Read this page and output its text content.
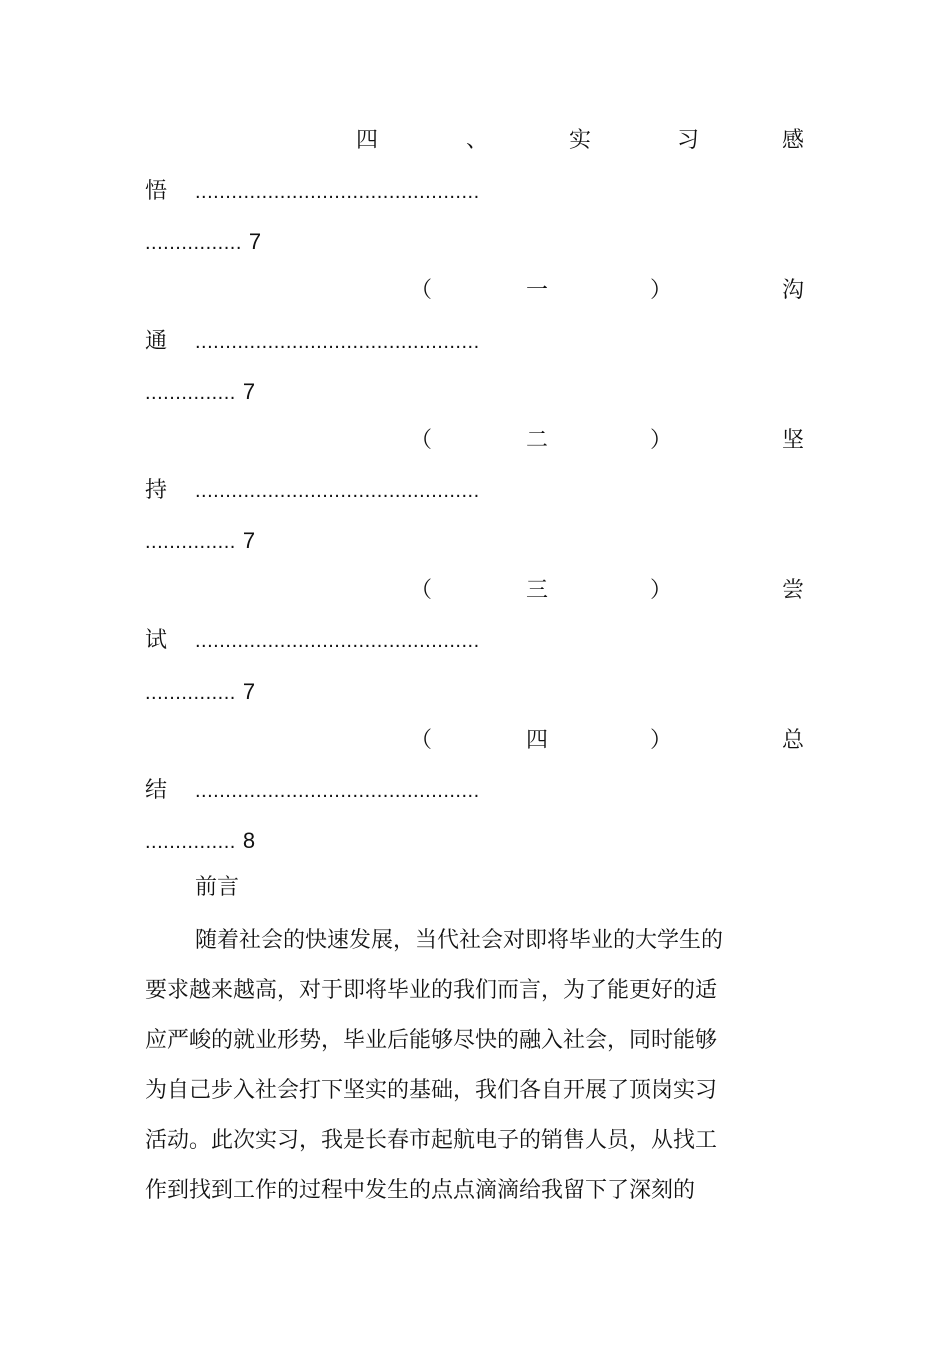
四	、	实	习	感
悟 ...............................................
................ 7
（	一	）	沟
通 ...............................................
............... 7
（	二	）	坚
持 ...............................................
............... 7
（	三	）	尝
试 ...............................................
............... 7
（	四	）	总
结 ...............................................
............... 8
前言
随着社会的快速发展，当代社会对即将毕业的大学生的
要求越来越高，对于即将毕业的我们而言，为了能更好的适
应严峻的就业形势，毕业后能够尽快的融入社会，同时能够
为自己步入社会打下坚实的基础，我们各自开展了顶岗实习
活动。此次实习，我是长春市起航电子的销售人员，从找工
作到找到工作的过程中发生的点点滴滴给我留下了深刻的
